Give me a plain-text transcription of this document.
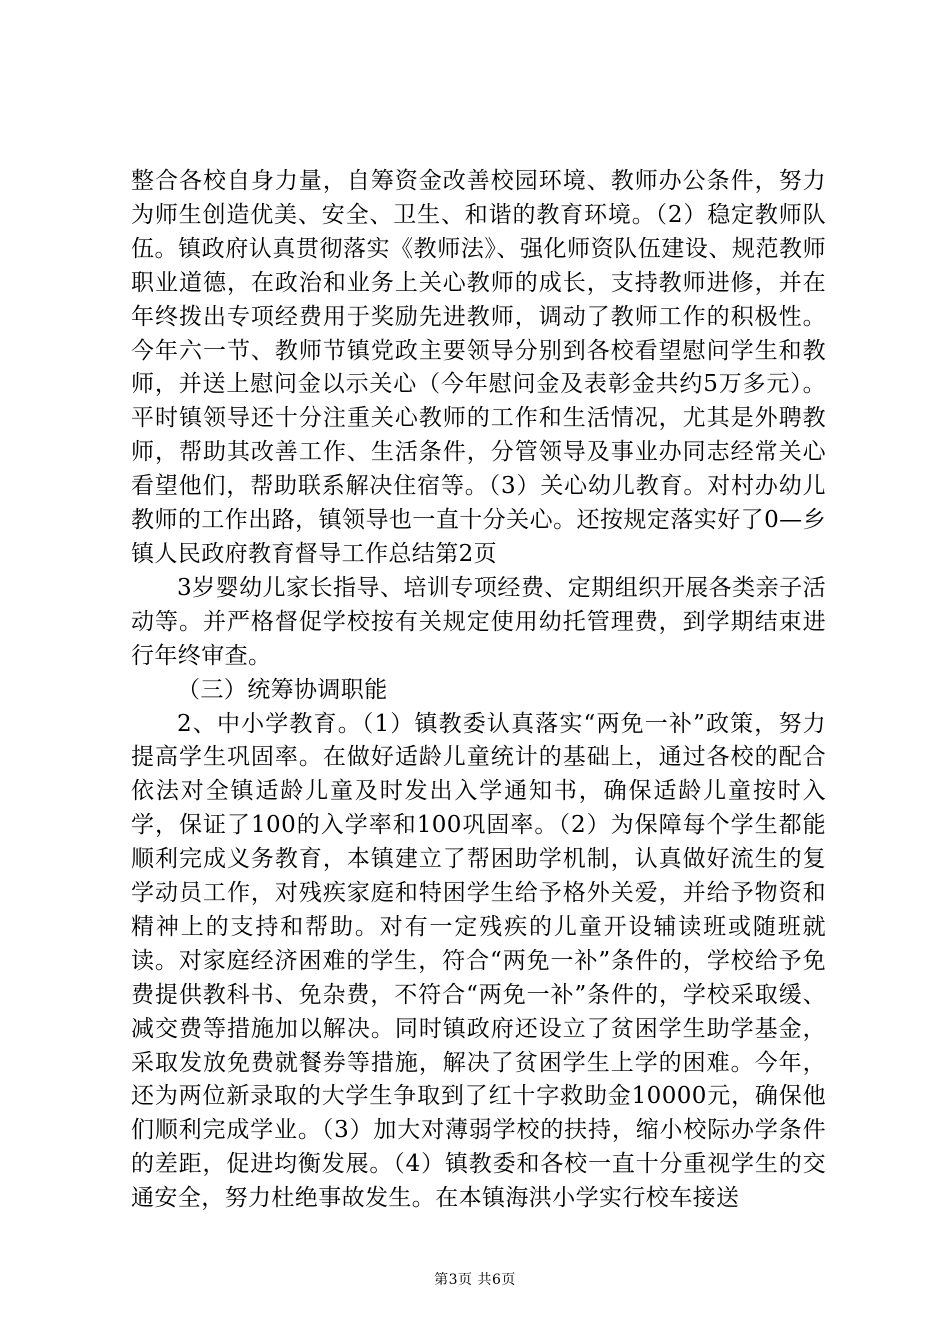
整合各校自身力量，自筹资金改善校园环境、教师办公条件，努力为师生创造优美、安全、卫生、和谐的教育环境。（2）稳定教师队伍。镇政府认真贯彻落实《教师法》、强化师资队伍建设、规范教师职业道德，在政治和业务上关心教师的成长，支持教师进修，并在年终拨出专项经费用于奖励先进教师，调动了教师工作的积极性。今年六一节、教师节镇党政主要领导分别到各校看望慰问学生和教师，并送上慰问金以示关心（今年慰问金及表彰金共约5万多元）。平时镇领导还十分注重关心教师的工作和生活情况，尤其是外聘教师，帮助其改善工作、生活条件，分管领导及事业办同志经常关心看望他们，帮助联系解决住宿等。（3）关心幼儿教育。对村办幼儿教师的工作出路，镇领导也一直十分关心。还按规定落实好了0—乡镇人民政府教育督导工作总结第2页

3岁婴幼儿家长指导、培训专项经费、定期组织开展各类亲子活动等。并严格督促学校按有关规定使用幼托管理费，到学期结束进行年终审查。

（三）统筹协调职能

2、中小学教育。（1）镇教委认真落实“两免一补”政策，努力提高学生巩固率。在做好适龄儿童统计的基础上，通过各校的配合依法对全镇适龄儿童及时发出入学通知书，确保适龄儿童按时入学，保证了100的入学率和100巩固率。（2）为保障每个学生都能顺利完成义务教育，本镇建立了帮困助学机制，认真做好流生的复学动员工作，对残疾家庭和特困学生给予格外关爱，并给予物资和精神上的支持和帮助。对有一定残疾的儿童开设辅读班或随班就读。对家庭经济困难的学生，符合“两免一补”条件的，学校给予免费提供教科书、免杂费，不符合“两免一补”条件的，学校采取缓、减交费等措施加以解决。同时镇政府还设立了贫困学生助学基金，采取发放免费就餐券等措施，解决了贫困学生上学的困难。今年，还为两位新录取的大学生争取到了红十字救助金10000元，确保他们顺利完成学业。（3）加大对薄弱学校的扶持，缩小校际办学条件的差距，促进均衡发展。（4）镇教委和各校一直十分重视学生的交通安全，努力杜绝事故发生。在本镇海洪小学实行校车接送

第3页 共6页
